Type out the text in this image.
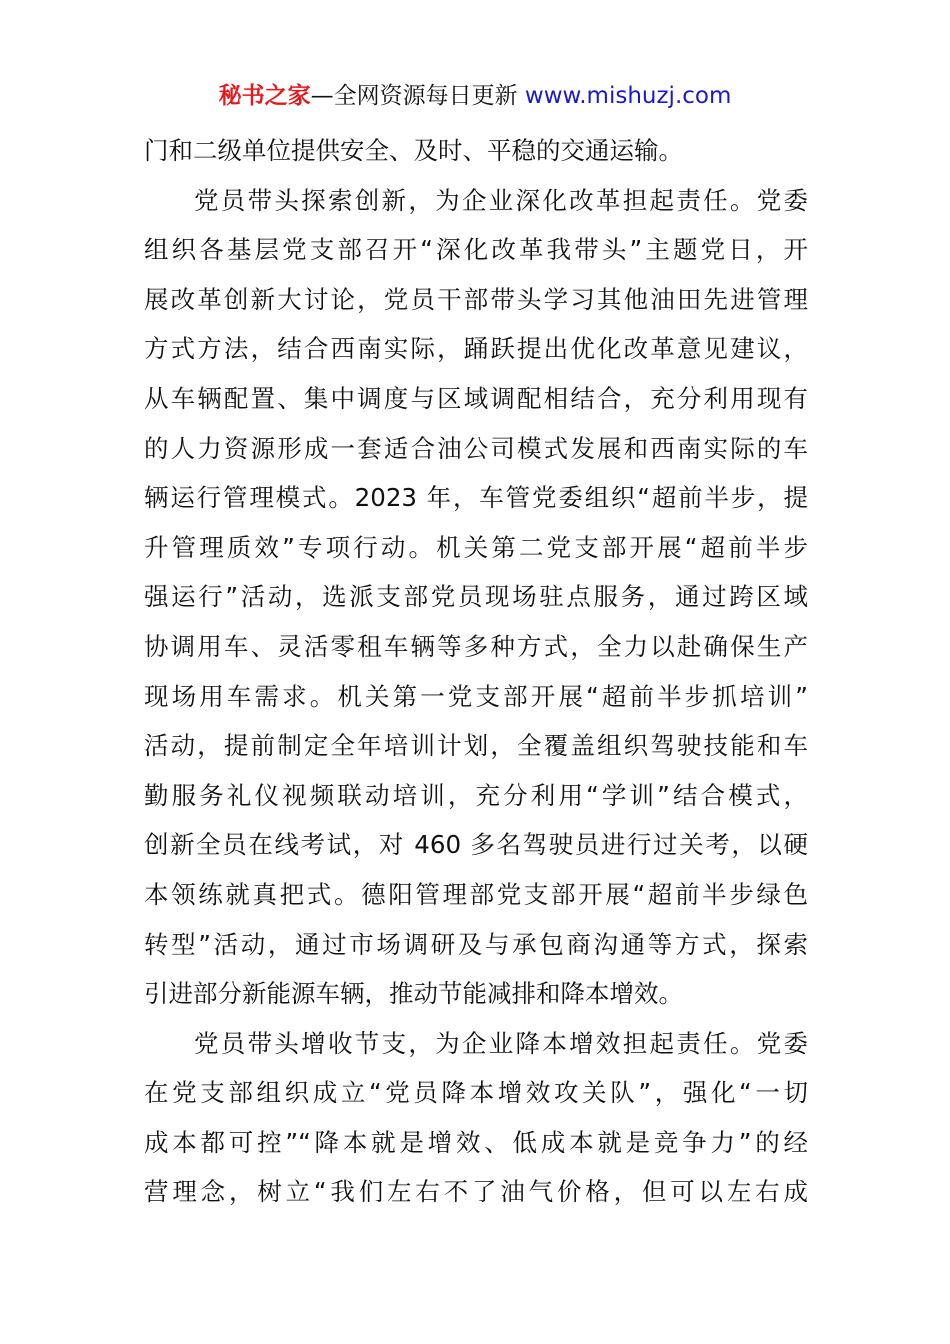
秘书之家—全网资源每日更新 www.mishuzj.com
门和二级单位提供安全、及时、平稳的交通运输。
党员带头探索创新，为企业深化改革担起责任。党委
组织各基层党支部召开“深化改革我带头”主题党日，开
展改革创新大讨论，党员干部带头学习其他油田先进管理
方式方法，结合西南实际，踊跃提出优化改革意见建议，
从车辆配置、集中调度与区域调配相结合，充分利用现有
的人力资源形成一套适合油公司模式发展和西南实际的车
辆运行管理模式。2023 年，车管党委组织“超前半步，提
升管理质效”专项行动。机关第二党支部开展“超前半步
强运行”活动，选派支部党员现场驻点服务，通过跨区域
协调用车、灵活零租车辆等多种方式，全力以赴确保生产
现场用车需求。机关第一党支部开展“超前半步抓培训”
活动，提前制定全年培训计划，全覆盖组织驾驶技能和车
勤服务礼仪视频联动培训，充分利用“学训”结合模式，
创新全员在线考试，对 460 多名驾驶员进行过关考，以硬
本领练就真把式。德阳管理部党支部开展“超前半步绿色
转型”活动，通过市场调研及与承包商沟通等方式，探索
引进部分新能源车辆，推动节能减排和降本增效。
党员带头增收节支，为企业降本增效担起责任。党委
在党支部组织成立“党员降本增效攻关队”，强化“一切
成本都可控”“降本就是增效、低成本就是竞争力”的经
营理念，树立“我们左右不了油气价格，但可以左右成
